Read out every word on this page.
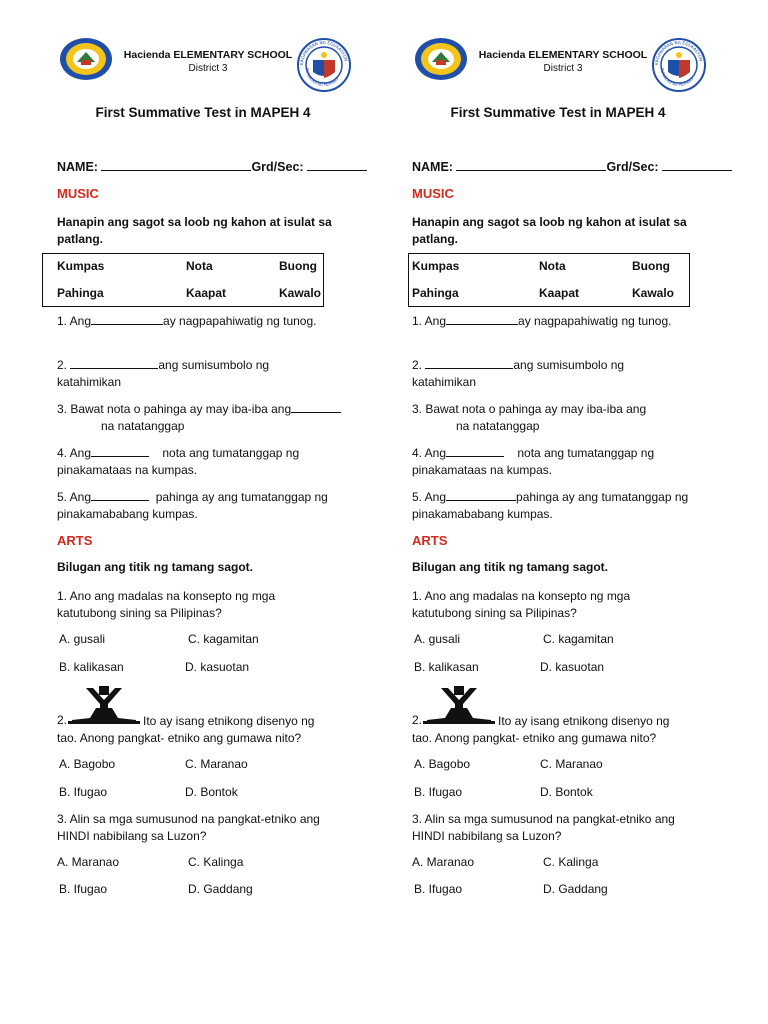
Hacienda ELEMENTARY SCHOOL
District 3	KAGAWARAN NG EDUKASYON
REPUBLIKA NG PILIPINAS
First Summative Test in MAPEH 4
NAME:	Grd/Sec:
MUSIC
Hanapin ang sagot sa loob ng kahon at isulat sa patlang.
Kumpas	Nota	Buong
Pahinga	Kaapat	Kawalo
1. Ang	ay nagpapahiwatig ng tunog.
2.	ang sumisumbolo ng katahimikan
3. Bawat nota o pahinga ay may iba-iba ang
na natatanggap
4. Ang	nota ang tumatanggap ng pinakamataas na kumpas.
5. Ang	pahinga ay ang tumatanggap ng pinakamababang kumpas.
ARTS
Bilugan ang titik ng tamang sagot.
1. Ano ang madalas na konsepto ng mga katutubong sining sa Pilipinas?
A. gusali	C. kagamitan
B. kalikasan	D. kasuotan
2.	Ito ay isang etnikong disenyo ng tao. Anong pangkat- etniko ang gumawa nito?
A. Bagobo	C. Maranao
B. Ifugao	D. Bontok
3. Alin sa mga sumusunod na pangkat-etniko ang HINDI nabibilang sa Luzon?
A. Maranao	C. Kalinga
B. Ifugao	D. Gaddang
Hacienda ELEMENTARY SCHOOL
District 3	KAGAWARAN NG EDUKASYON
REPUBLIKA NG PILIPINAS
First Summative Test in MAPEH 4
NAME:	Grd/Sec:
MUSIC
Hanapin ang sagot sa loob ng kahon at isulat sa patlang.
Kumpas	Nota	Buong
Pahinga	Kaapat	Kawalo
1. Ang	ay nagpapahiwatig ng tunog.
2.	ang sumisumbolo ng katahimikan
3. Bawat nota o pahinga ay may iba-iba ang
na natatanggap
4. Ang	nota ang tumatanggap ng pinakamataas na kumpas.
5. Ang	pahinga ay ang tumatanggap ng pinakamababang kumpas.
ARTS
Bilugan ang titik ng tamang sagot.
1. Ano ang madalas na konsepto ng mga katutubong sining sa Pilipinas?
A. gusali	C. kagamitan
B. kalikasan	D. kasuotan
2.	Ito ay isang etnikong disenyo ng tao. Anong pangkat- etniko ang gumawa nito?
A. Bagobo	C. Maranao
B. Ifugao	D. Bontok
3. Alin sa mga sumusunod na pangkat-etniko ang HINDI nabibilang sa Luzon?
A. Maranao	C. Kalinga
B. Ifugao	D. Gaddang
